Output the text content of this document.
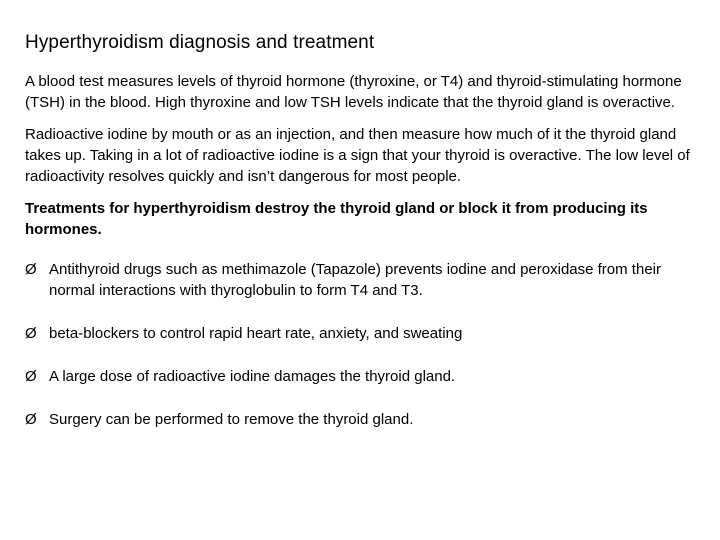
Hyperthyroidism diagnosis and treatment

A blood test measures levels of thyroid hormone (thyroxine, or T4) and thyroid-stimulating hormone (TSH) in the blood. High thyroxine and low TSH levels indicate that the thyroid gland is overactive.

Radioactive iodine by mouth or as an injection, and then measure how much of it the thyroid gland takes up. Taking in a lot of radioactive iodine is a sign that your thyroid is overactive. The low level of radioactivity resolves quickly and isn’t dangerous for most people.

Treatments for hyperthyroidism destroy the thyroid gland or block it from producing its hormones.

Ø Antithyroid drugs such as methimazole (Tapazole) prevents iodine and peroxidase from their normal interactions with thyroglobulin to form T4 and T3.
Ø beta-blockers to control rapid heart rate, anxiety, and sweating
Ø A large dose of radioactive iodine damages the thyroid gland.
Ø Surgery can be performed to remove the thyroid gland.
